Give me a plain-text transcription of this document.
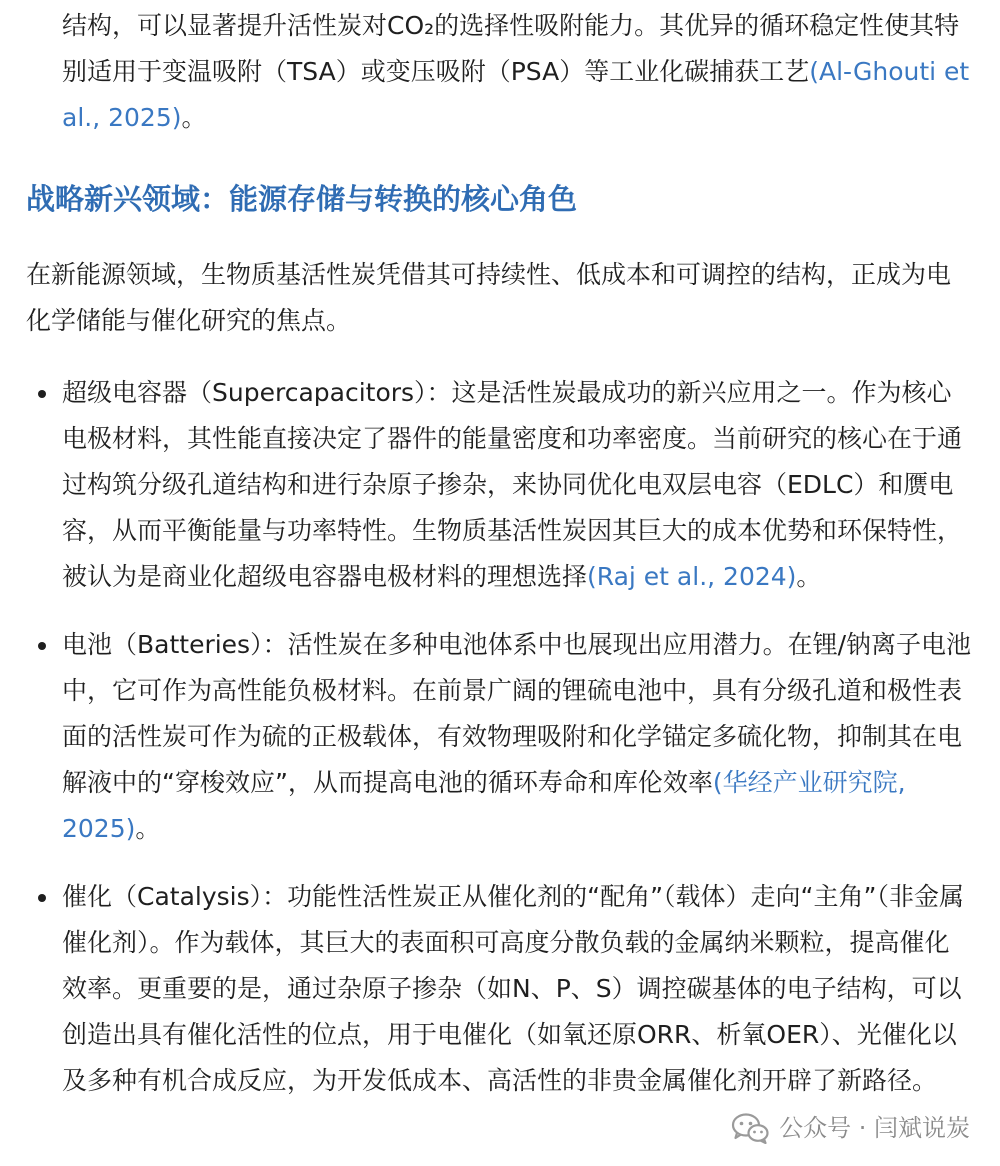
结构，可以显著提升活性炭对CO₂的选择性吸附能力。其优异的循环稳定性使其特别适用于变温吸附（TSA）或变压吸附（PSA）等工业化碳捕获工艺(Al-Ghouti et al., 2025)。

战略新兴领域：能源存储与转换的核心角色

在新能源领域，生物质基活性炭凭借其可持续性、低成本和可调控的结构，正成为电化学储能与催化研究的焦点。

超级电容器（Supercapacitors）：这是活性炭最成功的新兴应用之一。作为核心电极材料，其性能直接决定了器件的能量密度和功率密度。当前研究的核心在于通过构筑分级孔道结构和进行杂原子掺杂，来协同优化电双层电容（EDLC）和赝电容，从而平衡能量与功率特性。生物质基活性炭因其巨大的成本优势和环保特性，被认为是商业化超级电容器电极材料的理想选择(Raj et al., 2024)。

电池（Batteries）：活性炭在多种电池体系中也展现出应用潜力。在锂/钠离子电池中，它可作为高性能负极材料。在前景广阔的锂硫电池中，具有分级孔道和极性表面的活性炭可作为硫的正极载体，有效物理吸附和化学锚定多硫化物，抑制其在电解液中的“穿梭效应”，从而提高电池的循环寿命和库伦效率(华经产业研究院, 2025)。

催化（Catalysis）：功能性活性炭正从催化剂的“配角”（载体）走向“主角”（非金属催化剂）。作为载体，其巨大的表面积可高度分散负载的金属纳米颗粒，提高催化效率。更重要的是，通过杂原子掺杂（如N、P、S）调控碳基体的电子结构，可以创造出具有催化活性的位点，用于电催化（如氧还原ORR、析氧OER）、光催化以及多种有机合成反应，为开发低成本、高活性的非贵金属催化剂开辟了新路径。

公众号 · 闫斌说炭
